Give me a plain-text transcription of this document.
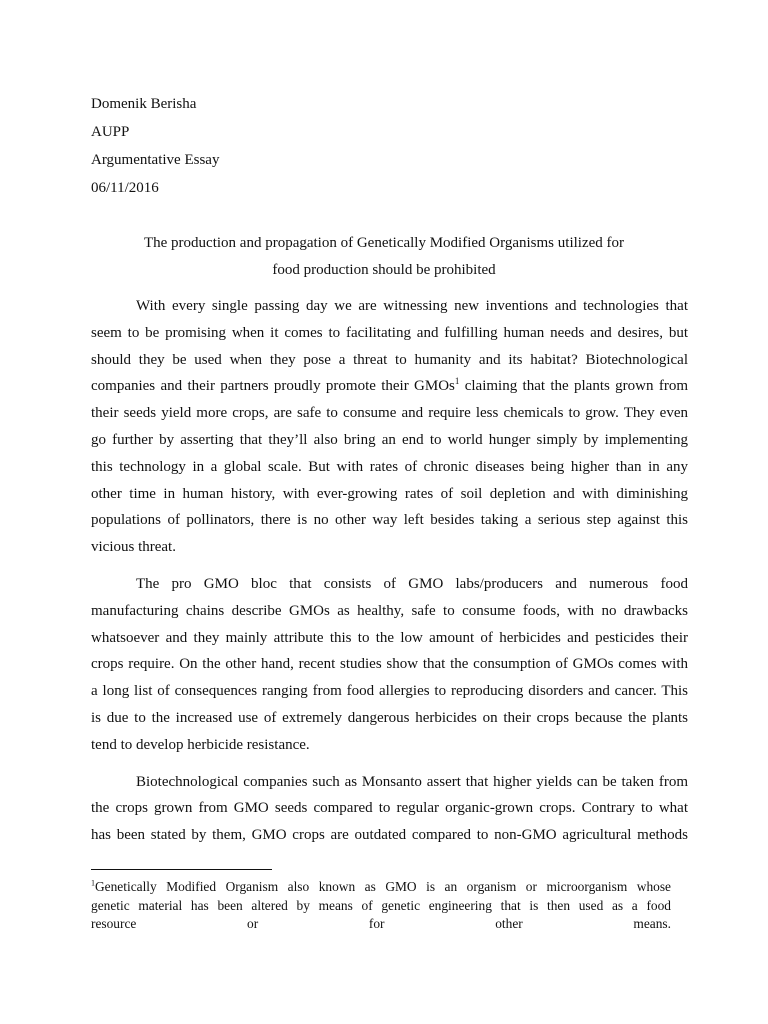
Domenik Berisha
AUPP
Argumentative Essay
06/11/2016
The production and propagation of Genetically Modified Organisms utilized for
food production should be prohibited
With every single passing day we are witnessing new inventions and technologies that
seem to be promising when it comes to facilitating and fulfilling human needs and desires, but
should they be used when they pose a threat to humanity and its habitat? Biotechnological
companies and their partners proudly promote their GMOs$^1$ claiming that the plants grown from
their seeds yield more crops, are safe to consume and require less chemicals to grow. They even
go further by asserting that they’ll also bring an end to world hunger simply by implementing
this technology in a global scale. But with rates of chronic diseases being higher than in any
other time in human history, with ever-growing rates of soil depletion and with diminishing
populations of pollinators, there is no other way left besides taking a serious step against this
vicious threat.
The pro GMO bloc that consists of GMO labs/producers and numerous food
manufacturing chains describe GMOs as healthy, safe to consume foods, with no drawbacks
whatsoever and they mainly attribute this to the low amount of herbicides and pesticides their
crops require. On the other hand, recent studies show that the consumption of GMOs comes with
a long list of consequences ranging from food allergies to reproducing disorders and cancer. This
is due to the increased use of extremely dangerous herbicides on their crops because the plants
tend to develop herbicide resistance.
Biotechnological companies such as Monsanto assert that higher yields can be taken from
the crops grown from GMO seeds compared to regular organic-grown crops. Contrary to what
has been stated by them, GMO crops are outdated compared to non-GMO agricultural methods
$^1$Genetically Modified Organism also known as GMO is an organism or microorganism whose
genetic material has been altered by means of genetic engineering that is then used as a food
resource or for other means.
